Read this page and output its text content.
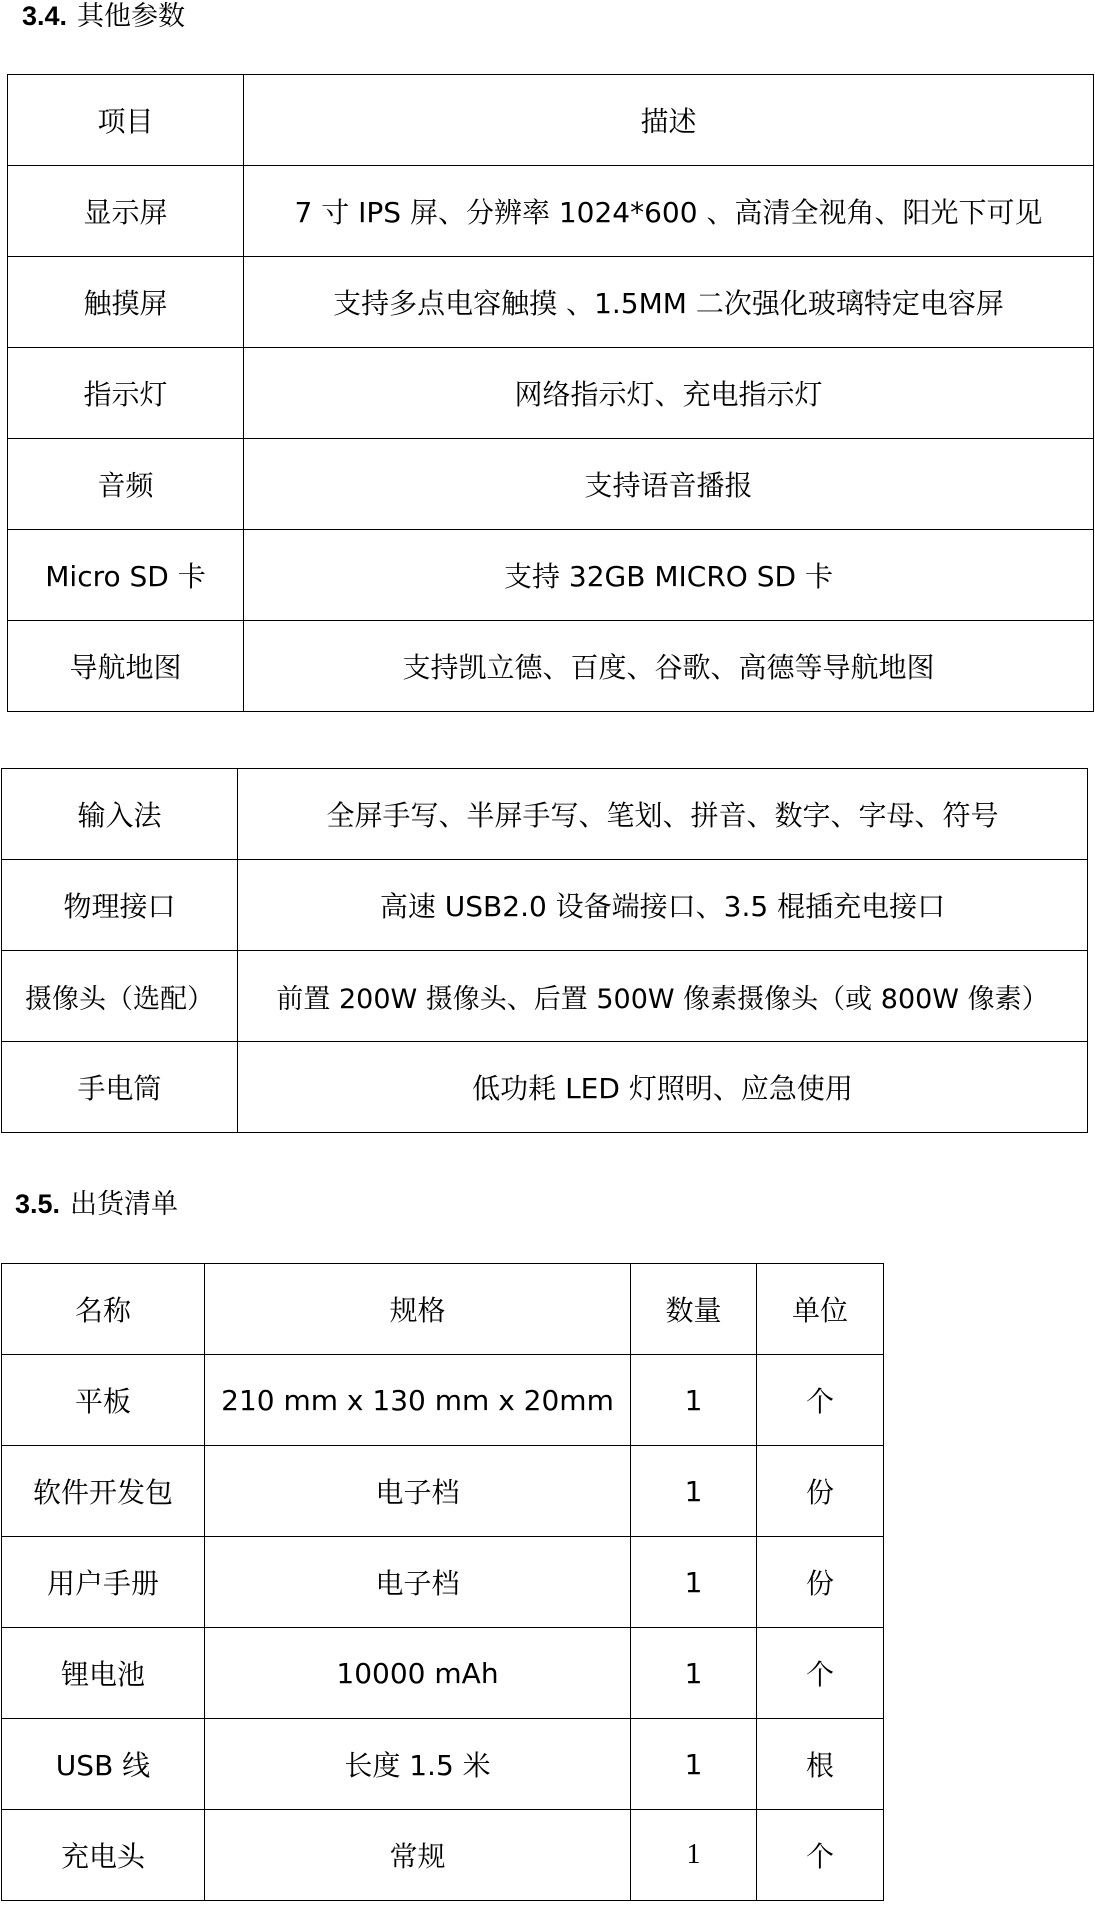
3.4. 其他参数
项目	描述
显示屏	7 寸 IPS 屏、分辨率 1024*600 、高清全视角、阳光下可见
触摸屏	支持多点电容触摸 、1.5MM 二次强化玻璃特定电容屏
指示灯	网络指示灯、充电指示灯
音频	支持语音播报
Micro SD 卡	支持 32GB MICRO SD 卡
导航地图	支持凯立德、百度、谷歌、高德等导航地图
输入法	全屏手写、半屏手写、笔划、拼音、数字、字母、符号
物理接口	高速 USB2.0 设备端接口、3.5 棍插充电接口
摄像头（选配）	前置 200W 摄像头、后置 500W 像素摄像头（或 800W 像素）
手电筒	低功耗 LED 灯照明、应急使用
3.5. 出货清单
名称	规格	数量	单位
平板	210 mm x 130 mm x 20mm	1	个
软件开发包	电子档	1	份
用户手册	电子档	1	份
锂电池	10000 mAh	1	个
USB 线	长度 1.5 米	1	根
充电头	常规	1	个
